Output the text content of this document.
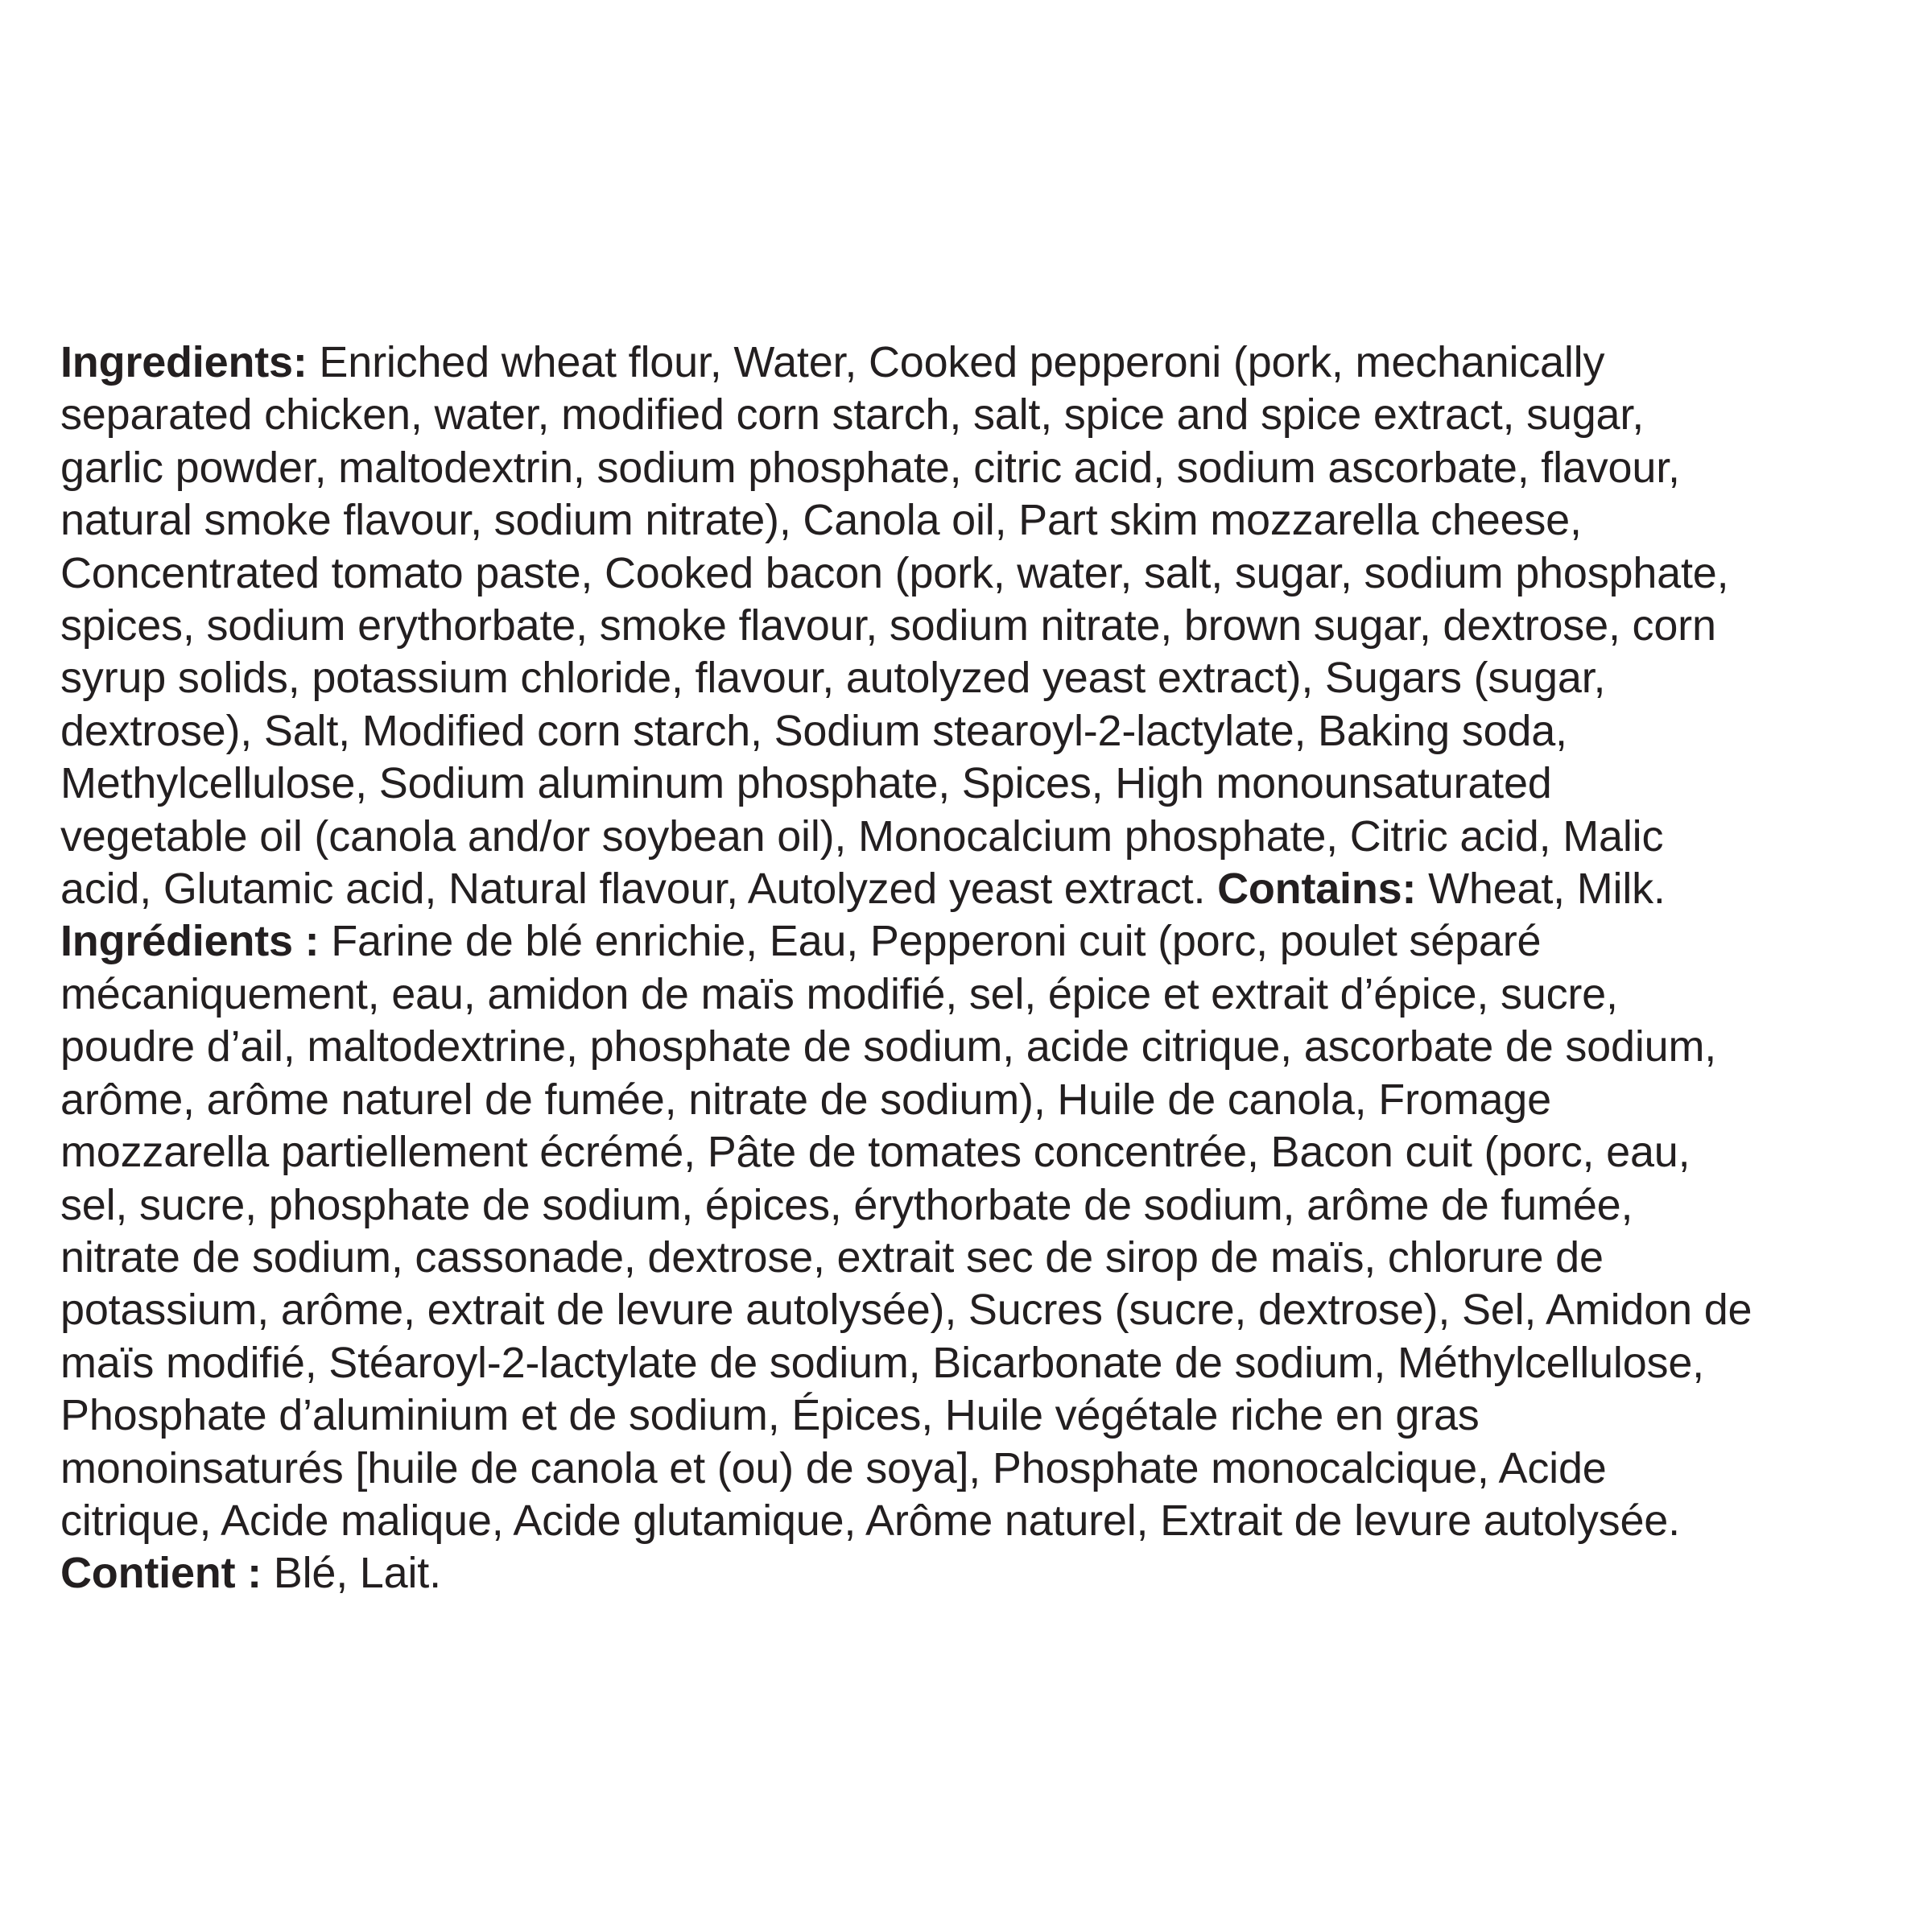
Ingredients: Enriched wheat flour, Water, Cooked pepperoni (pork, mechanically
separated chicken, water, modified corn starch, salt, spice and spice extract, sugar,
garlic powder, maltodextrin, sodium phosphate, citric acid, sodium ascorbate, flavour,
natural smoke flavour, sodium nitrate), Canola oil, Part skim mozzarella cheese,
Concentrated tomato paste, Cooked bacon (pork, water, salt, sugar, sodium phosphate,
spices, sodium erythorbate, smoke flavour, sodium nitrate, brown sugar, dextrose, corn
syrup solids, potassium chloride, flavour, autolyzed yeast extract), Sugars (sugar,
dextrose), Salt, Modified corn starch, Sodium stearoyl-2-lactylate, Baking soda,
Methylcellulose, Sodium aluminum phosphate, Spices, High monounsaturated
vegetable oil (canola and/or soybean oil), Monocalcium phosphate, Citric acid, Malic
acid, Glutamic acid, Natural flavour, Autolyzed yeast extract. Contains: Wheat, Milk.
Ingrédients : Farine de blé enrichie, Eau, Pepperoni cuit (porc, poulet séparé
mécaniquement, eau, amidon de maïs modifié, sel, épice et extrait d’épice, sucre,
poudre d’ail, maltodextrine, phosphate de sodium, acide citrique, ascorbate de sodium,
arôme, arôme naturel de fumée, nitrate de sodium), Huile de canola, Fromage
mozzarella partiellement écrémé, Pâte de tomates concentrée, Bacon cuit (porc, eau,
sel, sucre, phosphate de sodium, épices, érythorbate de sodium, arôme de fumée,
nitrate de sodium, cassonade, dextrose, extrait sec de sirop de maïs, chlorure de
potassium, arôme, extrait de levure autolysée), Sucres (sucre, dextrose), Sel, Amidon de
maïs modifié, Stéaroyl-2-lactylate de sodium, Bicarbonate de sodium, Méthylcellulose,
Phosphate d’aluminium et de sodium, Épices, Huile végétale riche en gras
monoinsaturés [huile de canola et (ou) de soya], Phosphate monocalcique, Acide
citrique, Acide malique, Acide glutamique, Arôme naturel, Extrait de levure autolysée.
Contient : Blé, Lait.
